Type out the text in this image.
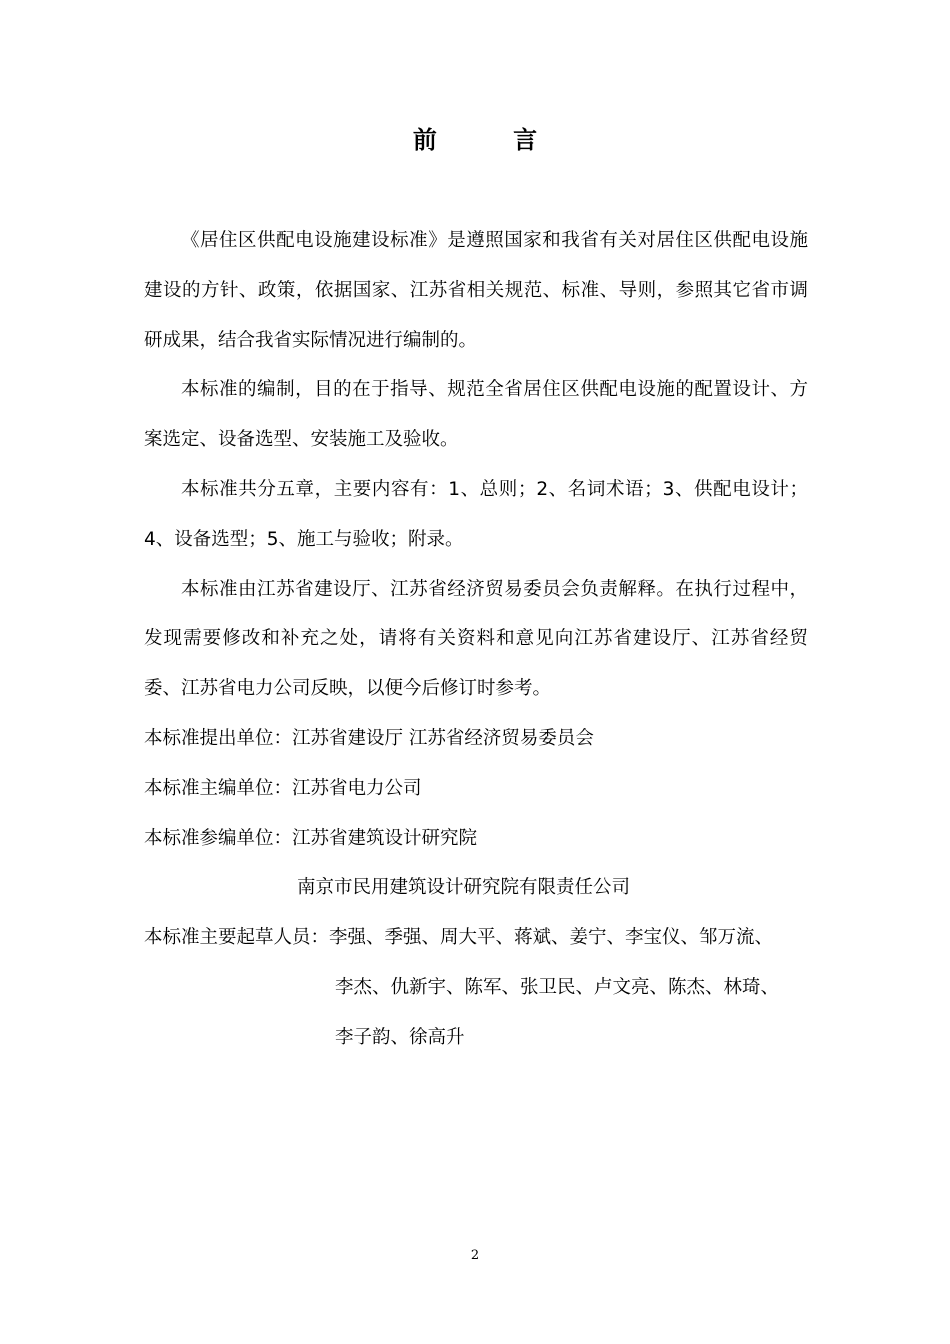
前 言

《居住区供配电设施建设标准》是遵照国家和我省有关对居住区供配电设施建设的方针、政策，依据国家、江苏省相关规范、标准、导则，参照其它省市调研成果，结合我省实际情况进行编制的。

本标准的编制，目的在于指导、规范全省居住区供配电设施的配置设计、方案选定、设备选型、安装施工及验收。

本标准共分五章，主要内容有：1、总则；2、名词术语；3、供配电设计；4、设备选型；5、施工与验收；附录。

本标准由江苏省建设厅、江苏省经济贸易委员会负责解释。在执行过程中，发现需要修改和补充之处，请将有关资料和意见向江苏省建设厅、江苏省经贸委、江苏省电力公司反映，以便今后修订时参考。

本标准提出单位：江苏省建设厅 江苏省经济贸易委员会

本标准主编单位：江苏省电力公司

本标准参编单位：江苏省建筑设计研究院

南京市民用建筑设计研究院有限责任公司

本标准主要起草人员：李强、季强、周大平、蒋斌、姜宁、李宝仪、邹万流、

李杰、仇新宇、陈军、张卫民、卢文亮、陈杰、林琦、

李子韵、徐高升

2
